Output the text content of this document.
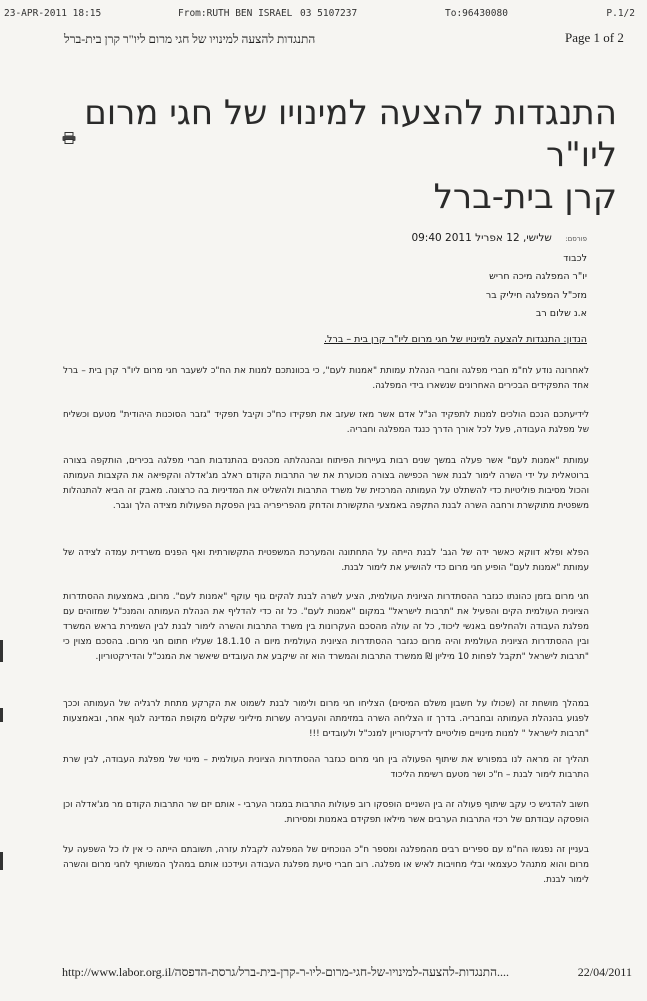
23-APR-2011 18:15	From:RUTH BEN ISRAEL 03 5107237	To:96430080	P.1/2
התנגדות להצעה למינויו של חגי מרום ליו"ר קרן בית-ברל	Page 1 of 2
התנגדות להצעה למינויו של חגי מרום ליו"ר
קרן בית-ברל
פורסם: שלישי, 12 אפריל 2011 09:40
לכבוד
יו"ר המפלגה מיכה חריש
מזכ"ל המפלגה חיליק בר
א.נ שלום רב
הנדון: התנגדות להצעה למינויו של חגי מרום ליו"ר קרן בית – ברל.

לאחרונה נודע לח"מ חברי מפלגה וחברי הנהלת עמותת "אמנות לעם", כי בכוונתכם למנות את הח"כ לשעבר חגי מרום ליו"ר קרן בית – ברל אחד התפקידים הבכירים האחרונים שנשארו בידי המפלגה.

לידיעתכם הנכם הולכים למנות לתפקיד הנ"ל אדם אשר מאז שעזב את תפקידו כח"כ וקיבל תפקיד "גזבר הסוכנות היהודית" מטעם וכשליח של מפלגת העבודה, פעל לכל אורך הדרך כנגד המפלגה וחבריה.

עמותת "אמנות לעם" אשר פעלה במשך שנים רבות בעיירות הפיתוח ובהנהלתה מכהנים בהתנדבות חברי מפלגה בכירים, הותקפה בצורה ברוטאלית על ידי השרה לימור לבנת אשר הכפישה בצורה מכוערת את שר התרבות הקודם ראלב מג'אדלה והקפיאה את הקצבות העמותה והכול מסיבות פוליטיות כדי להשתלט על העמותה המרכזית של משרד התרבות ולהשליט את המדיניות בה כרצונה. מאבק זה הביא להתנהלות משפטית מתוקשרת ורחבה השרה לבנת התקפה באמצעי התקשורת והדחק מהפריפריה בגין הפסקת הפעולות מצידה הלך וגבר.

הפלא ופלא דווקא כאשר ידה של הגב' לבנת הייתה על התחתונה והמערכת המשפטית התקשורתית ואף הפנים משרדית עמדה לצידה של עמותת "אמנות לעם" הופיע חגי מרום כדי להושיע את לימור לבנת.

חגי מרום בזמן כהונתו כגזבר ההסתדרות הציונית העולמית, הציע לשרה לבנת להקים גוף עוקף "אמנות לעם". מרום, באמצעות ההסתדרות הציונית העולמית הקים והפעיל את "תרבות לישראל" במקום "אמנות לעם". כל זה כדי להדליף את הנהלת העמותה והמנכ"ל שמזוהים עם מפלגת העבודה ולהחליפם באנשי ליכוד, כל זה עולה מהסכם העקרונות בין משרד התרבות והשרה לימור לבנת לבין השמירת בראש המשרד ובין ההסתדרות הציונית העולמית והיה מרום כגזבר ההסתדרות הציונית העולמית מיום ה 18.1.10 שעליו חתום חגי מרום. בהסכם מצוין כי "תרבות לישראל "תקבל לפחות 10 מיליון ₪ ממשרד התרבות והמשרד הוא זה שיקבע את העובדים שיאשר את המנכ"ל והדירקטוריון.

במהלך מושחת זה (שכולו על חשבון משלם המיסים) הצליחו חגי מרום ולימור לבנת לשמוט את הקרקע מתחת לרגליה של העמותה וככך לפגוע בהנהלת העמותה ובחבריה. בדרך זו הצליחה השרה במזימתה והעבירה עשרות מיליוני שקלים מקופת המדינה לגוף אחר, ובאמצעות "תרבות לישראל " למנות מינויים פוליטיים לדירקטוריון למנכ"ל ולעובדים !!!

תהליך זה מראה לנו במפורש את שיתוף הפעולה בין חגי מרום כגזבר ההסתדרות הציונית העולמית – מינוי של מפלגת העבודה, לבין שרת התרבות לימור לבנת – ח"כ ושר מטעם רשימת הליכוד

חשוב להדגיש כי עקב שיתוף פעולה זה בין השניים הופסקו רוב פעולות התרבות במגזר הערבי - אותם יזם שר התרבות הקודם מר מג'אדלה וכן הופסקה עבודתם של רכזי התרבות הערבים אשר מילאו תפקידם באמנות ומסירות.

בעניין זה נפגשו הח"מ עם ספירים רבים מהמפלגה ומספר ח"כ הנוכחים של המפלגה לקבלת עזרה, תשובתם הייתה כי אין לו כל השפעה על מרום והוא מתנהל כעצמאי ובלי מחויבות לאיש או מפלגה. רוב חברי סיעת מפלגת העבודה ועידכנו אותם במהלך המשותף לחגי מרום והשרה לימור לבנת.

http://www.labor.org.il/התנגדות-להצעה-למינויו-של-חגי-מרום-ליו-ר-קרן-בית-ברל/גרסת-הדפסה....	22/04/2011
